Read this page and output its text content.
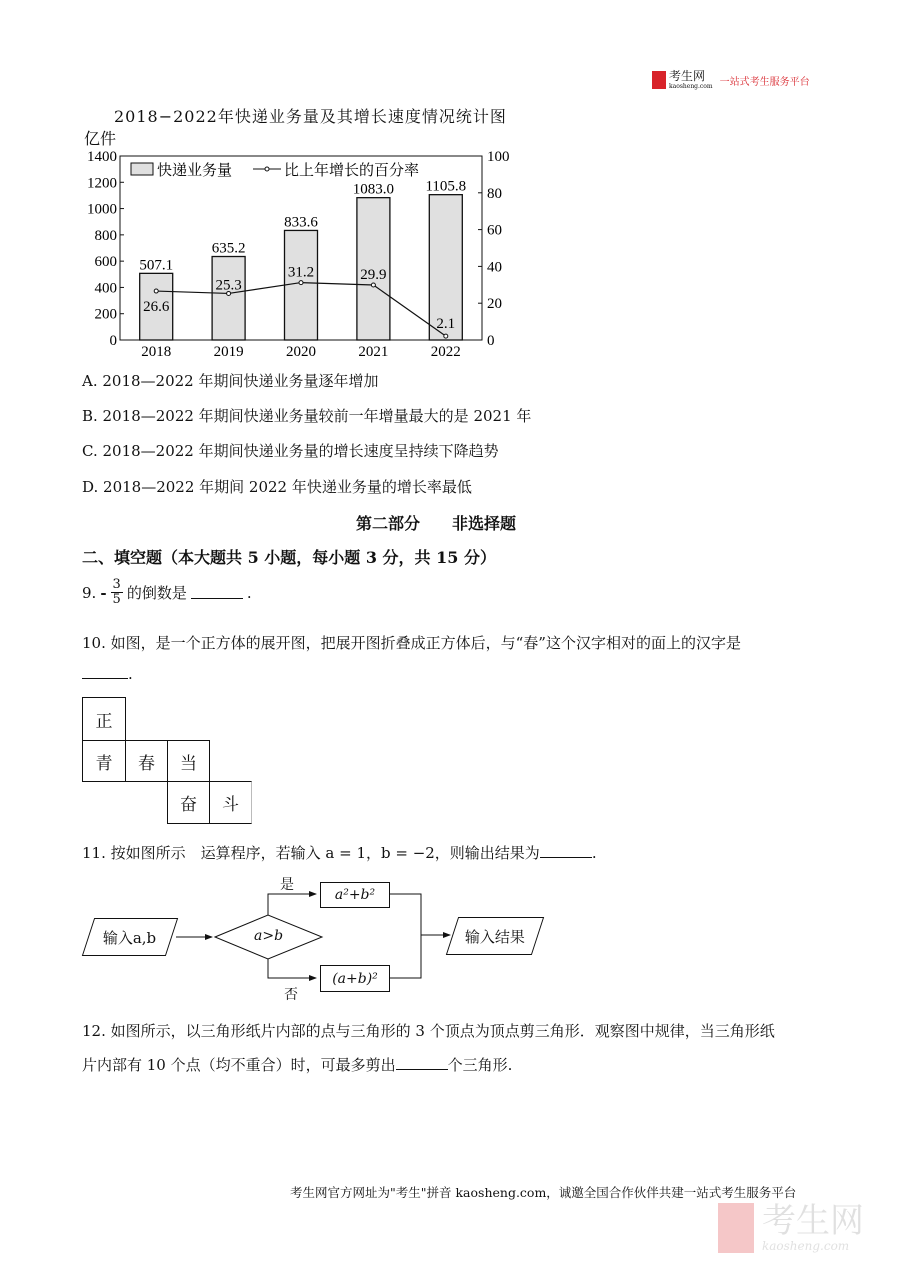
考生网
kaosheng.com 一站式考生服务平台
2018−2022年快递业务量及其增长速度情况统计图
亿件
0
200
400
600
800
1000
1200
1400
0
20
40
60
80
100
507.1
2018
635.2
2019
833.6
2020
1083.0
2021
1105.8
2022
26.6
25.3
31.2	29.9
2.1
快递业务量	比上年增长的百分率
A. 2018—2022 年期间快递业务量逐年增加
B. 2018—2022 年期间快递业务量较前一年增量最大的是 2021 年
C. 2018—2022 年期间快递业务量的增长速度呈持续下降趋势
D. 2018—2022 年期间 2022 年快递业务量的增长率最低
第二部分　　非选择题
二、填空题（本大题共 5 小题，每小题 3 分，共 15 分）
9. - $\frac{3}{5}$ 的倒数是	.
10. 如图，是一个正方体的展开图，把展开图折叠成正方体后，与“春”这个汉字相对的面上的汉字是
.
正
青	春	当
奋	斗
11. 按如图所示　运算程序，若输入 a = 1，b = −2，则输出结果为	.
输入a,b	a>b
是
否
a²+b²
(a+b)²
输入结果
12. 如图所示，以三角形纸片内部的点与三角形的 3 个顶点为顶点剪三角形．观察图中规律，当三角形纸
片内部有 10 个点（均不重合）时，可最多剪出	个三角形.
考生网官方网址为"考生"拼音 kaosheng.com，诚邀全国合作伙伴共建一站式考生服务平台
考生网
kaosheng.com
